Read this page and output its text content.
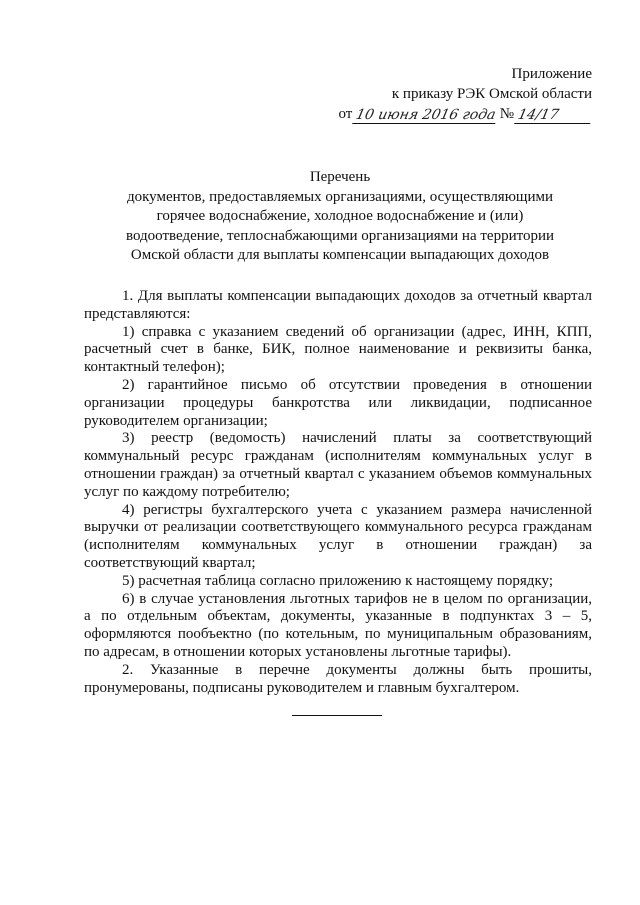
Приложение
к приказу РЭК Омской области
от 10 июня 2016 года № 14/17
Перечень
документов, предоставляемых организациями, осуществляющими
горячее водоснабжение, холодное водоснабжение и (или)
водоотведение, теплоснабжающими организациями на территории
Омской области для выплаты компенсации выпадающих доходов

1. Для выплаты компенсации выпадающих доходов за отчетный квартал представляются:

1) справка с указанием сведений об организации (адрес, ИНН, КПП, расчетный счет в банке, БИК, полное наименование и реквизиты банка, контактный телефон);

2) гарантийное письмо об отсутствии проведения в отношении организации процедуры банкротства или ликвидации, подписанное руководителем организации;

3) реестр (ведомость) начислений платы за соответствующий коммунальный ресурс гражданам (исполнителям коммунальных услуг в отношении граждан) за отчетный квартал с указанием объемов коммунальных услуг по каждому потребителю;

4) регистры бухгалтерского учета с указанием размера начисленной выручки от реализации соответствующего коммунального ресурса гражданам (исполнителям коммунальных услуг в отношении граждан) за соответствующий квартал;

5) расчетная таблица согласно приложению к настоящему порядку;

6) в случае установления льготных тарифов не в целом по организации, а по отдельным объектам, документы, указанные в подпунктах 3 – 5, оформляются пообъектно (по котельным, по муниципальным образованиям, по адресам, в отношении которых установлены льготные тарифы).

2. Указанные в перечне документы должны быть прошиты, пронумерованы, подписаны руководителем и главным бухгалтером.
